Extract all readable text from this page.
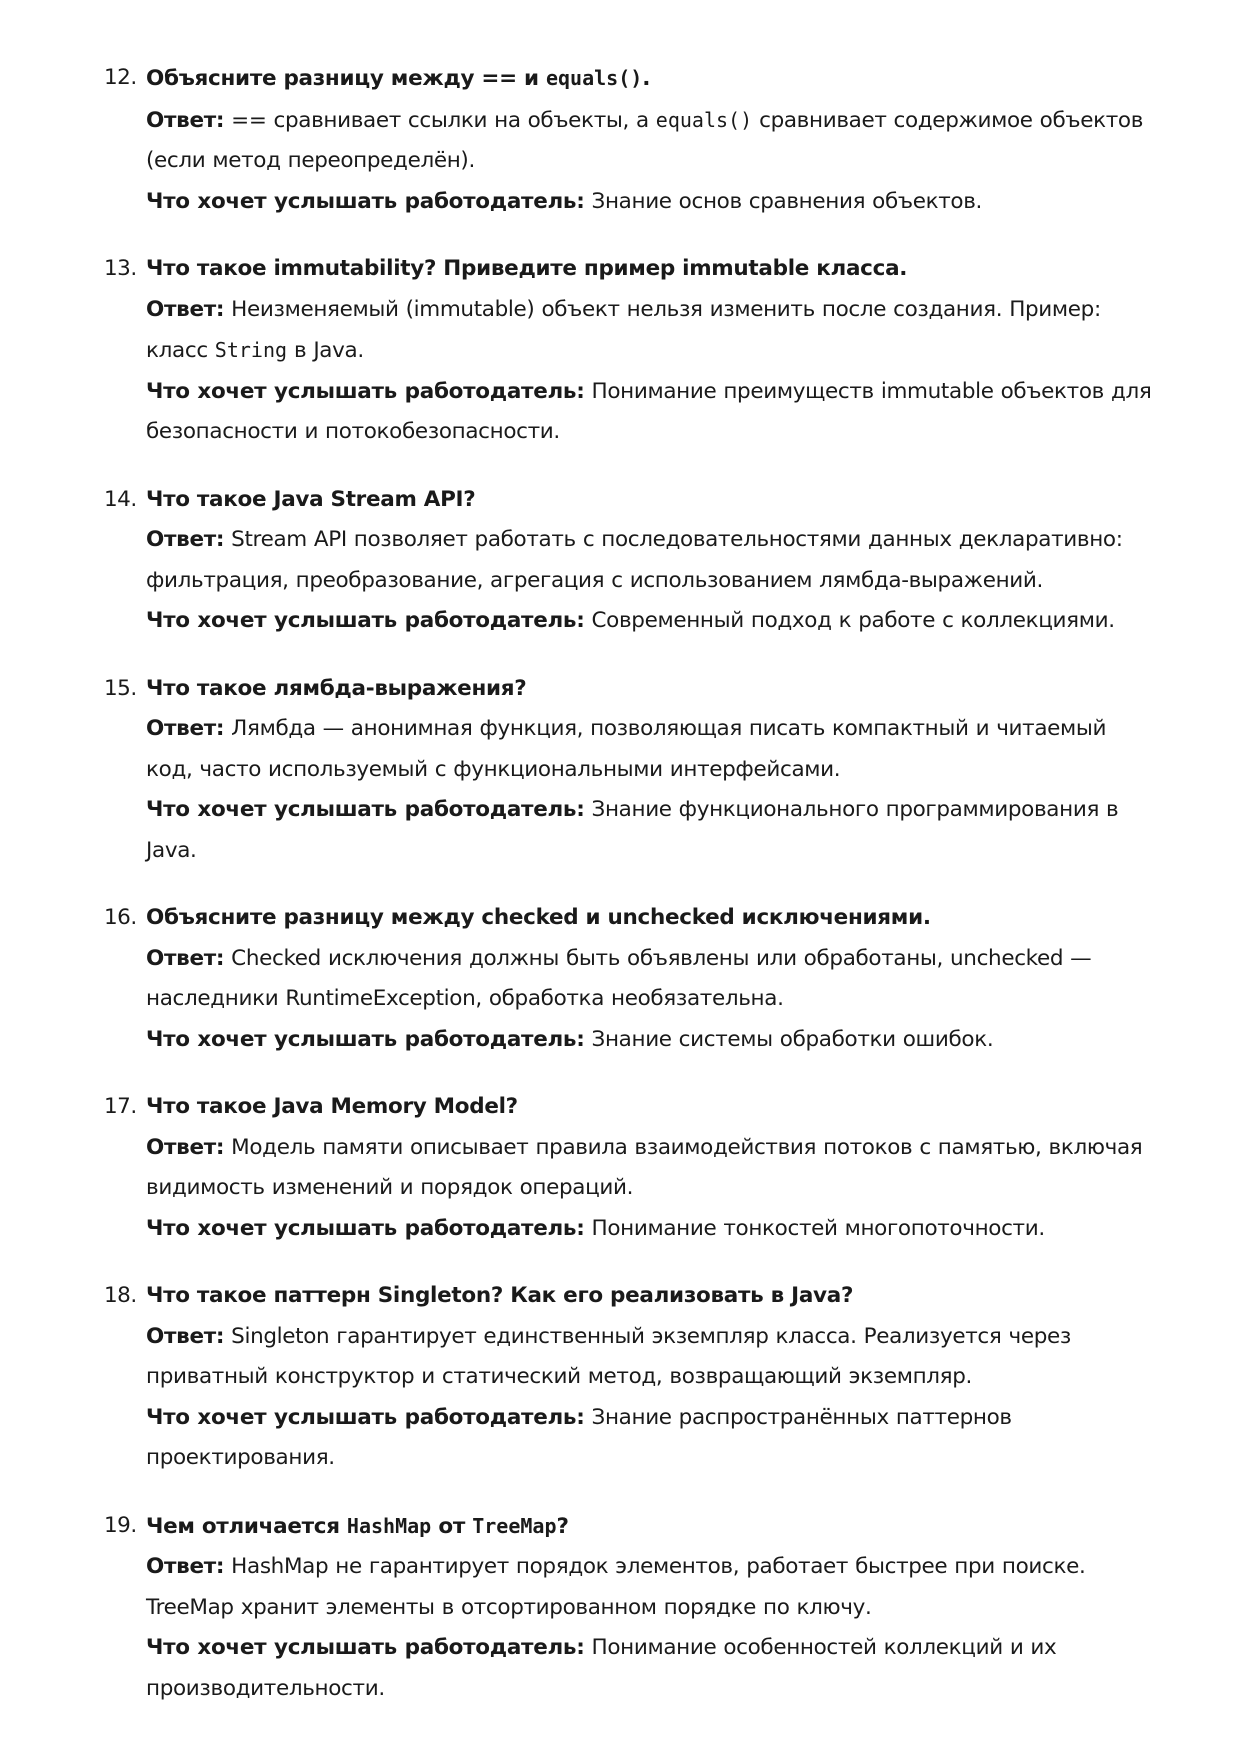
12. Объясните разницу между == и equals().
Ответ: == сравнивает ссылки на объекты, а equals() сравнивает содержимое объектов (если метод переопределён).
Что хочет услышать работодатель: Знание основ сравнения объектов.
13. Что такое immutability? Приведите пример immutable класса.
Ответ: Неизменяемый (immutable) объект нельзя изменить после создания. Пример: класс String в Java.
Что хочет услышать работодатель: Понимание преимуществ immutable объектов для безопасности и потокобезопасности.
14. Что такое Java Stream API?
Ответ: Stream API позволяет работать с последовательностями данных декларативно: фильтрация, преобразование, агрегация с использованием лямбда-выражений.
Что хочет услышать работодатель: Современный подход к работе с коллекциями.
15. Что такое лямбда-выражения?
Ответ: Лямбда — анонимная функция, позволяющая писать компактный и читаемый код, часто используемый с функциональными интерфейсами.
Что хочет услышать работодатель: Знание функционального программирования в Java.
16. Объясните разницу между checked и unchecked исключениями.
Ответ: Checked исключения должны быть объявлены или обработаны, unchecked — наследники RuntimeException, обработка необязательна.
Что хочет услышать работодатель: Знание системы обработки ошибок.
17. Что такое Java Memory Model?
Ответ: Модель памяти описывает правила взаимодействия потоков с памятью, включая видимость изменений и порядок операций.
Что хочет услышать работодатель: Понимание тонкостей многопоточности.
18. Что такое паттерн Singleton? Как его реализовать в Java?
Ответ: Singleton гарантирует единственный экземпляр класса. Реализуется через приватный конструктор и статический метод, возвращающий экземпляр.
Что хочет услышать работодатель: Знание распространённых паттернов проектирования.
19. Чем отличается HashMap от TreeMap?
Ответ: HashMap не гарантирует порядок элементов, работает быстрее при поиске. TreeMap хранит элементы в отсортированном порядке по ключу.
Что хочет услышать работодатель: Понимание особенностей коллекций и их производительности.
